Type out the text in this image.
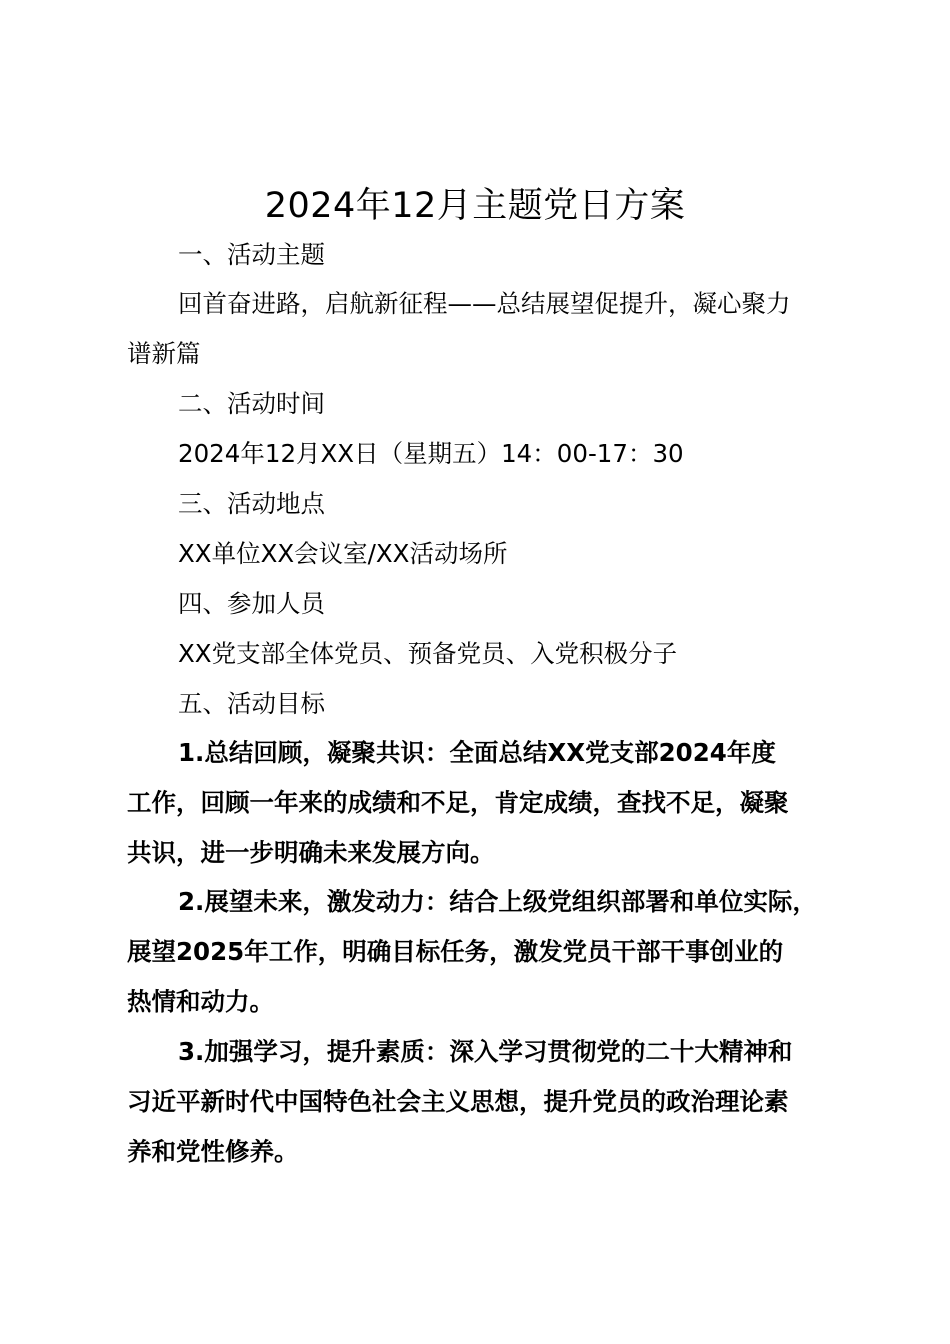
2024年12月主题党日方案
一、活动主题
回首奋进路，启航新征程——总结展望促提升，凝心聚力
谱新篇
二、活动时间
2024年12月XX日（星期五）14：00-17：30
三、活动地点
XX单位XX会议室/XX活动场所
四、参加人员
XX党支部全体党员、预备党员、入党积极分子
五、活动目标
1.总结回顾，凝聚共识：全面总结XX党支部2024年度
工作，回顾一年来的成绩和不足，肯定成绩，查找不足，凝聚
共识，进一步明确未来发展方向。
2.展望未来，激发动力：结合上级党组织部署和单位实际，
展望2025年工作，明确目标任务，激发党员干部干事创业的
热情和动力。
3.加强学习，提升素质：深入学习贯彻党的二十大精神和
习近平新时代中国特色社会主义思想，提升党员的政治理论素
养和党性修养。
